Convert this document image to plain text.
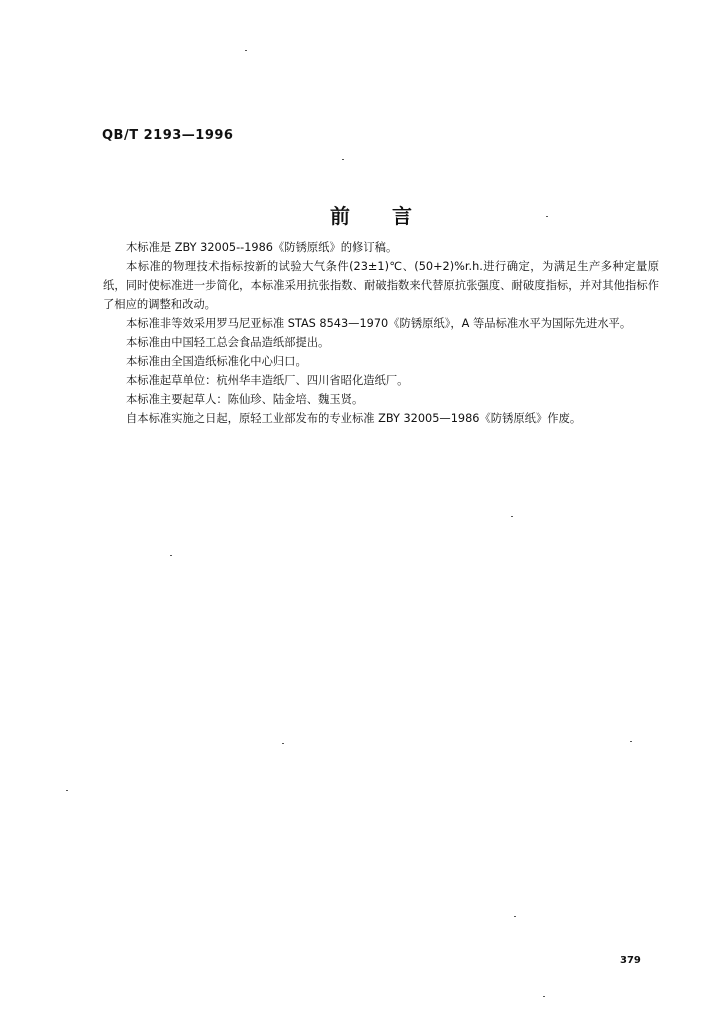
QB/T 2193—1996
前言

木标准是 ZBY 32005--1986《防锈原纸》的修订稿。

本标准的物理技术指标按新的试验大气条件(23±1)℃、(50+2)%r.h.进行确定，为满足生产多种定量原纸，同时使标准进一步简化，本标准采用抗张指数、耐破指数来代替原抗张强度、耐破度指标，并对其他指标作了相应的调整和改动。

本标准非等效采用罗马尼亚标准 STAS 8543—1970《防锈原纸》，A 等品标准水平为国际先进水平。

本标准由中国轻工总会食品造纸部提出。

本标准由全国造纸标准化中心归口。

本标准起草单位：杭州华丰造纸厂、四川省昭化造纸厂。

本标准主要起草人：陈仙珍、陆金培、魏玉贤。

自本标准实施之日起，原轻工业部发布的专业标准 ZBY 32005—1986《防锈原纸》作废。

379
